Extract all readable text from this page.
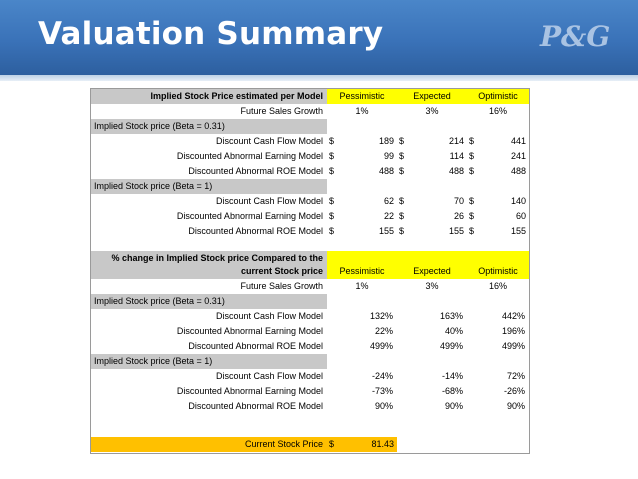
Valuation Summary	P&G
Implied Stock Price estimated per Model	Pessimistic	Expected	Optimistic
Future Sales Growth	1%	3%	16%
Implied Stock price (Beta = 0.31)
Discount Cash Flow Model $	189 $	214 $	441
Discounted Abnormal Earning Model $	99 $	114 $	241
Discounted Abnormal ROE Model $	488 $	488 $	488
Implied Stock price (Beta = 1)
Discount Cash Flow Model $	62 $	70 $	140
Discounted Abnormal Earning Model $	22 $	26 $	60
Discounted Abnormal ROE Model $	155 $	155 $	155
% change in Implied Stock price Compared to the
current Stock price	Pessimistic	Expected	Optimistic
Future Sales Growth	1%	3%	16%
Implied Stock price (Beta = 0.31)
Discount Cash Flow Model	132%	163%	442%
Discounted Abnormal Earning Model	22%	40%	196%
Discounted Abnormal ROE Model	499%	499%	499%
Implied Stock price (Beta = 1)
Discount Cash Flow Model	-24%	-14%	72%
Discounted Abnormal Earning Model	-73%	-68%	-26%
Discounted Abnormal ROE Model	90%	90%	90%
Current Stock Price $	81.43
